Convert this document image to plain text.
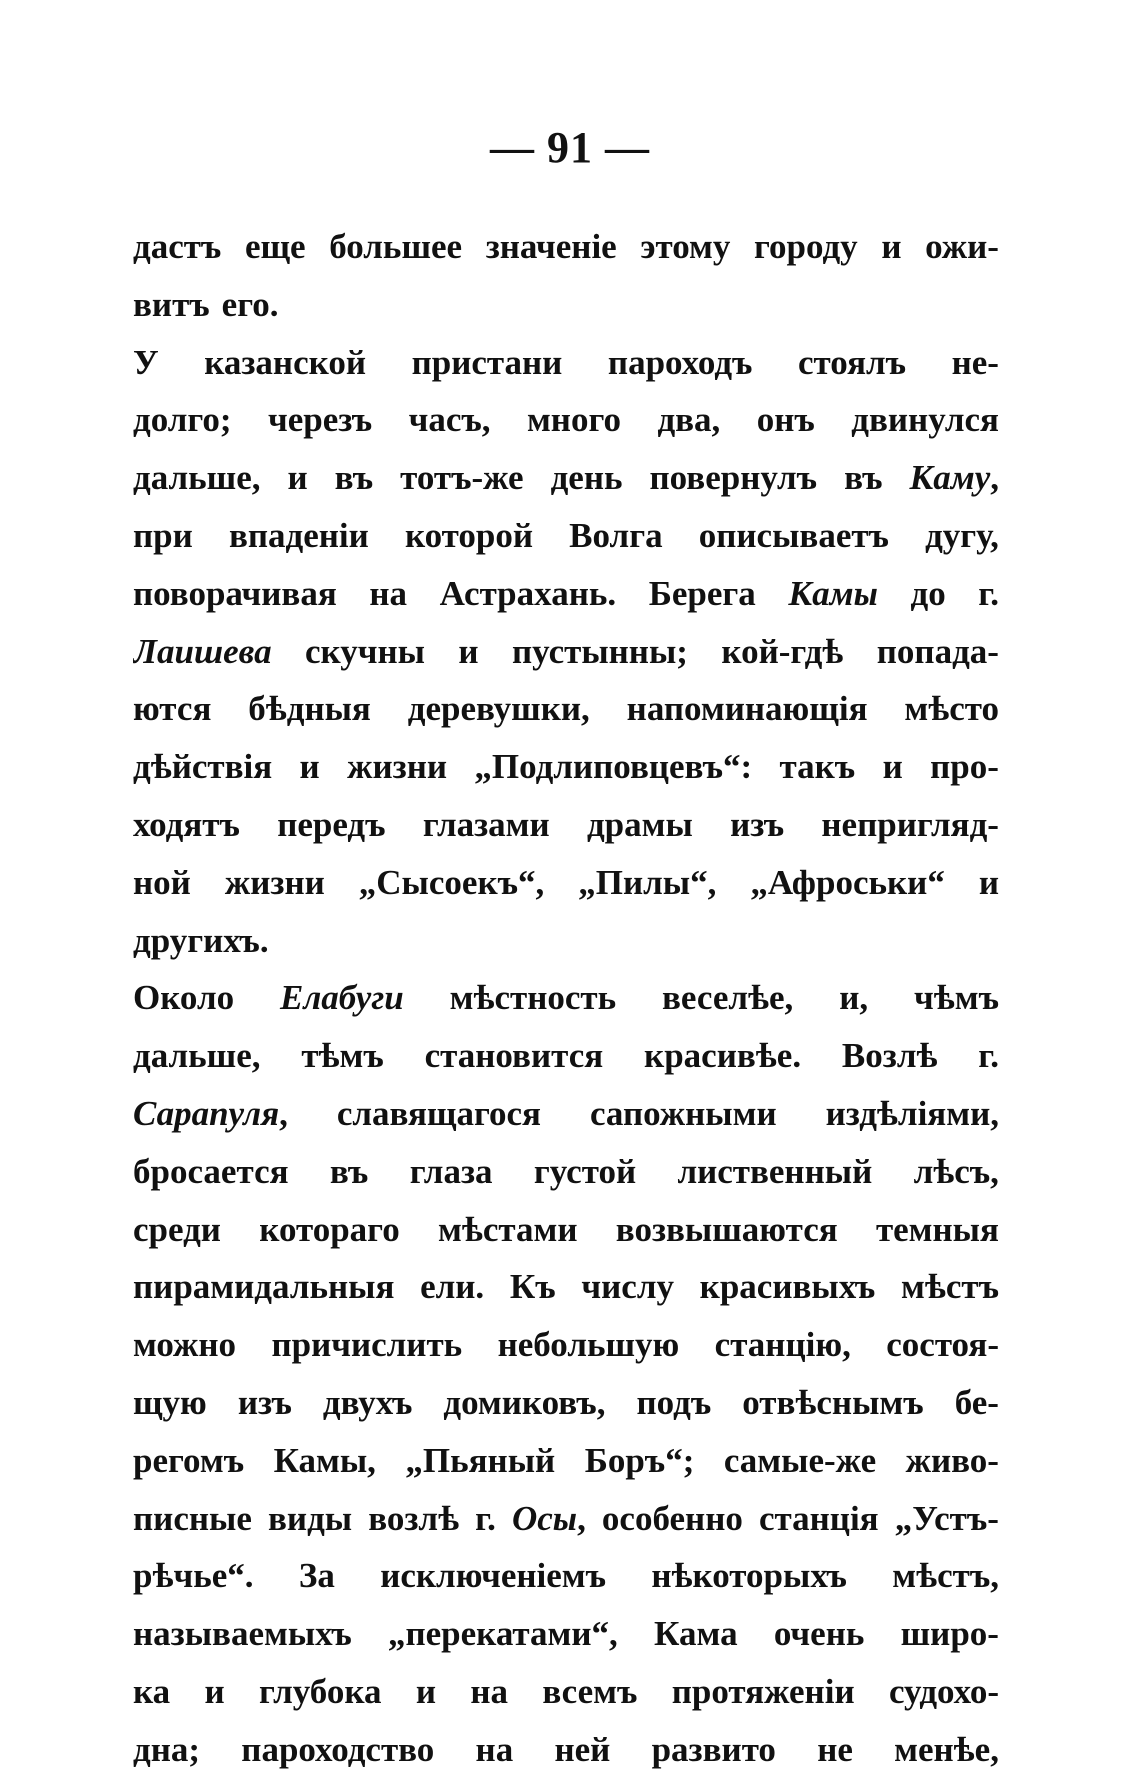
— 91 —
дастъ еще большее значеніе этому городу и ожи-
витъ его.
У казанской пристани пароходъ стоялъ не-
долго; черезъ часъ, много два, онъ двинулся
дальше, и въ тотъ-же день повернулъ въ Каму,
при впаденіи которой Волга описываетъ дугу,
поворачивая на Астрахань. Берега Камы до г.
Лаишева скучны и пустынны; кой-гдѣ попада-
ются бѣдныя деревушки, напоминающія мѣсто
дѣйствія и жизни „Подлиповцевъ“: такъ и про-
ходятъ передъ глазами драмы изъ непригляд-
ной жизни „Сысоекъ“, „Пилы“, „Афроськи“ и
другихъ.
Около Елабуги мѣстность веселѣе, и, чѣмъ
дальше, тѣмъ становится красивѣе. Возлѣ г.
Сарапуля, славящагося сапожными издѣліями,
бросается въ глаза густой лиственный лѣсъ,
среди котораго мѣстами возвышаются темныя
пирамидальныя ели. Къ числу красивыхъ мѣстъ
можно причислить небольшую станцію, состоя-
щую изъ двухъ домиковъ, подъ отвѣснымъ бе-
регомъ Камы, „Пьяный Боръ“; самые-же живо-
писные виды возлѣ г. Осы, особенно станція „Устъ-
рѣчье“. За исключеніемъ нѣкоторыхъ мѣстъ,
называемыхъ „перекатами“, Кама очень широ-
ка и глубока и на всемъ протяженіи судохо-
дна; пароходство на ней развито не менѣе,
